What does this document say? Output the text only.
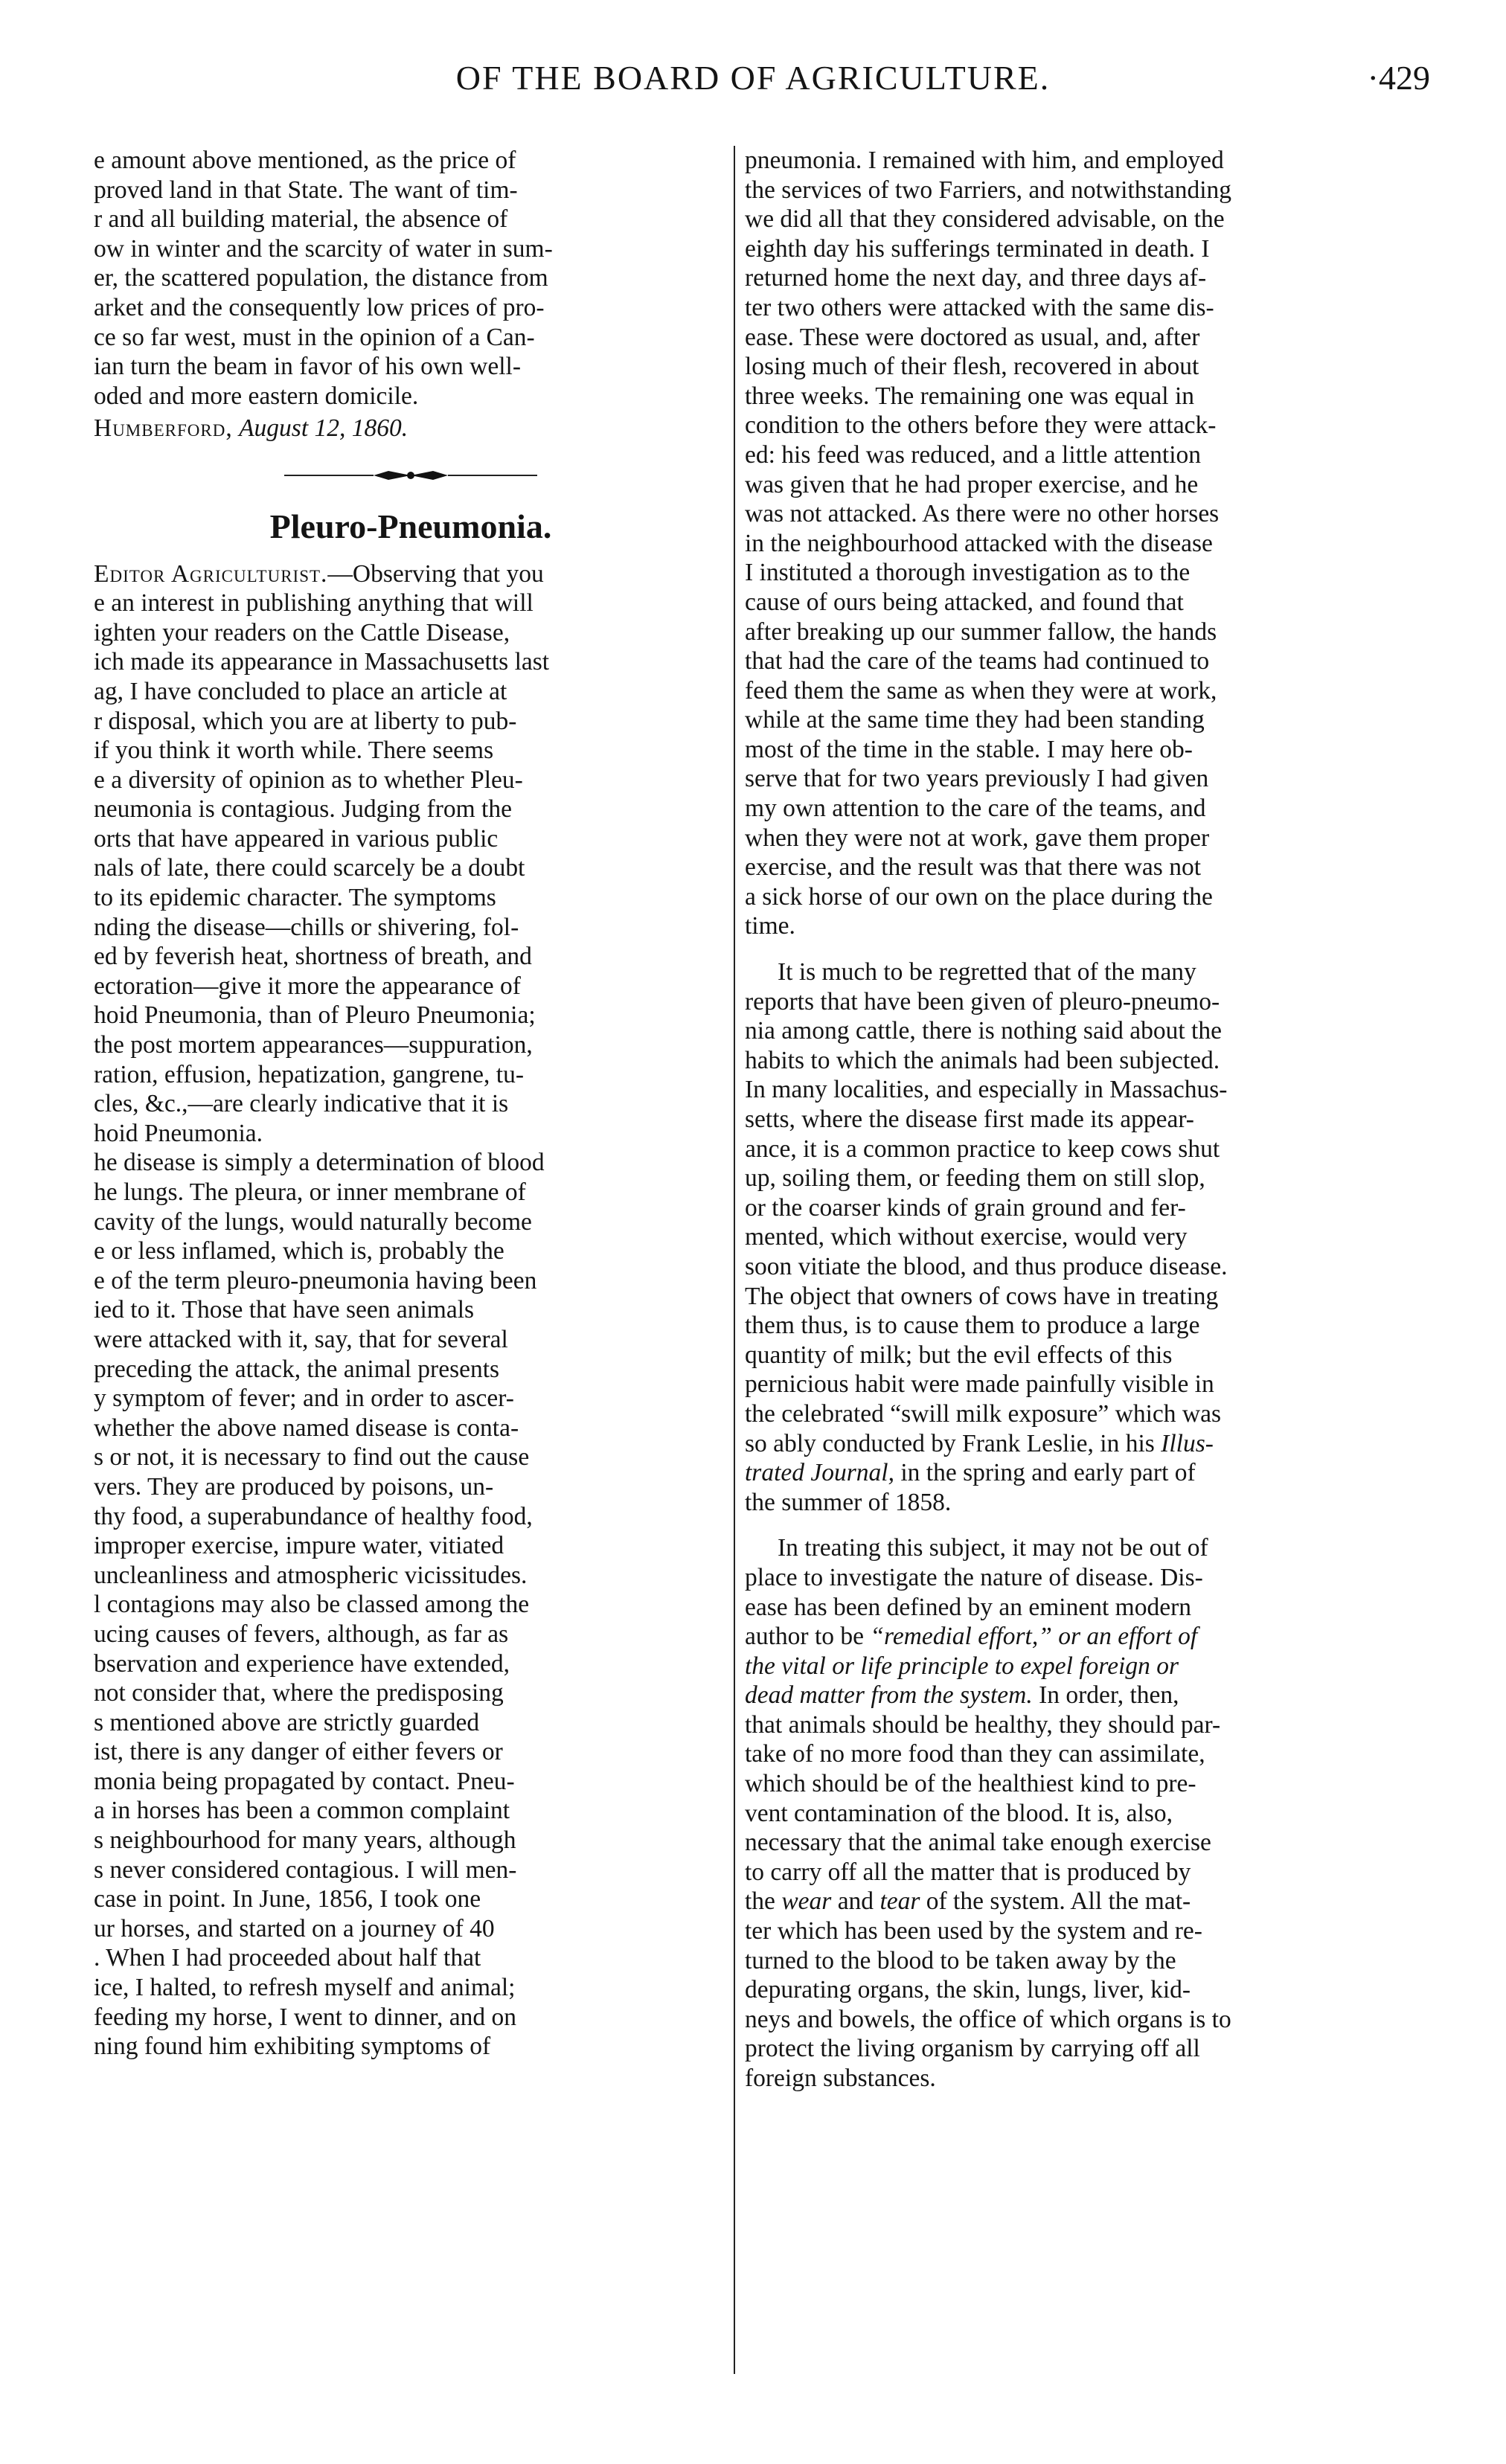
OF THE BOARD OF AGRICULTURE.	·429
e amount above mentioned, as the price of
proved land in that State. The want of tim-
r and all building material, the absence of
ow in winter and the scarcity of water in sum-
er, the scattered population, the distance from
arket and the consequently low prices of pro-
ce so far west, must in the opinion of a Can-
ian turn the beam in favor of his own well-
oded and more eastern domicile.
Humberford, August 12, 1860.
Pleuro-Pneumonia.
Editor Agriculturist.—Observing that you
e an interest in publishing anything that will
ighten your readers on the Cattle Disease,
ich made its appearance in Massachusetts last
ag, I have concluded to place an article at
r disposal, which you are at liberty to pub-
if you think it worth while. There seems
e a diversity of opinion as to whether Pleu-
neumonia is contagious. Judging from the
orts that have appeared in various public
nals of late, there could scarcely be a doubt
to its epidemic character. The symptoms
nding the disease—chills or shivering, fol-
ed by feverish heat, shortness of breath, and
ectoration—give it more the appearance of
hoid Pneumonia, than of Pleuro Pneumonia;
the post mortem appearances—suppuration,
ration, effusion, hepatization, gangrene, tu-
cles, &c.,—are clearly indicative that it is
hoid Pneumonia.
he disease is simply a determination of blood
he lungs. The pleura, or inner membrane of
cavity of the lungs, would naturally become
e or less inflamed, which is, probably the
e of the term pleuro-pneumonia having been
ied to it. Those that have seen animals
were attacked with it, say, that for several
preceding the attack, the animal presents
y symptom of fever; and in order to ascer-
whether the above named disease is conta-
s or not, it is necessary to find out the cause
vers. They are produced by poisons, un-
thy food, a superabundance of healthy food,
improper exercise, impure water, vitiated
uncleanliness and atmospheric vicissitudes.
l contagions may also be classed among the
ucing causes of fevers, although, as far as
bservation and experience have extended,
not consider that, where the predisposing
s mentioned above are strictly guarded
ist, there is any danger of either fevers or
monia being propagated by contact. Pneu-
a in horses has been a common complaint
s neighbourhood for many years, although
s never considered contagious. I will men-
case in point. In June, 1856, I took one
ur horses, and started on a journey of 40
. When I had proceeded about half that
ice, I halted, to refresh myself and animal;
feeding my horse, I went to dinner, and on
ning found him exhibiting symptoms of
pneumonia. I remained with him, and employed
the services of two Farriers, and notwithstanding
we did all that they considered advisable, on the
eighth day his sufferings terminated in death. I
returned home the next day, and three days af-
ter two others were attacked with the same dis-
ease. These were doctored as usual, and, after
losing much of their flesh, recovered in about
three weeks. The remaining one was equal in
condition to the others before they were attack-
ed: his feed was reduced, and a little attention
was given that he had proper exercise, and he
was not attacked. As there were no other horses
in the neighbourhood attacked with the disease
I instituted a thorough investigation as to the
cause of ours being attacked, and found that
after breaking up our summer fallow, the hands
that had the care of the teams had continued to
feed them the same as when they were at work,
while at the same time they had been standing
most of the time in the stable. I may here ob-
serve that for two years previously I had given
my own attention to the care of the teams, and
when they were not at work, gave them proper
exercise, and the result was that there was not
a sick horse of our own on the place during the
time.
It is much to be regretted that of the many
reports that have been given of pleuro-pneumo-
nia among cattle, there is nothing said about the
habits to which the animals had been subjected.
In many localities, and especially in Massachus-
setts, where the disease first made its appear-
ance, it is a common practice to keep cows shut
up, soiling them, or feeding them on still slop,
or the coarser kinds of grain ground and fer-
mented, which without exercise, would very
soon vitiate the blood, and thus produce disease.
The object that owners of cows have in treating
them thus, is to cause them to produce a large
quantity of milk; but the evil effects of this
pernicious habit were made painfully visible in
the celebrated “swill milk exposure” which was
so ably conducted by Frank Leslie, in his Illus-
trated Journal, in the spring and early part of
the summer of 1858.
In treating this subject, it may not be out of
place to investigate the nature of disease. Dis-
ease has been defined by an eminent modern
author to be “remedial effort,” or an effort of
the vital or life principle to expel foreign or
dead matter from the system. In order, then,
that animals should be healthy, they should par-
take of no more food than they can assimilate,
which should be of the healthiest kind to pre-
vent contamination of the blood. It is, also,
necessary that the animal take enough exercise
to carry off all the matter that is produced by
the wear and tear of the system. All the mat-
ter which has been used by the system and re-
turned to the blood to be taken away by the
depurating organs, the skin, lungs, liver, kid-
neys and bowels, the office of which organs is to
protect the living organism by carrying off all
foreign substances.
